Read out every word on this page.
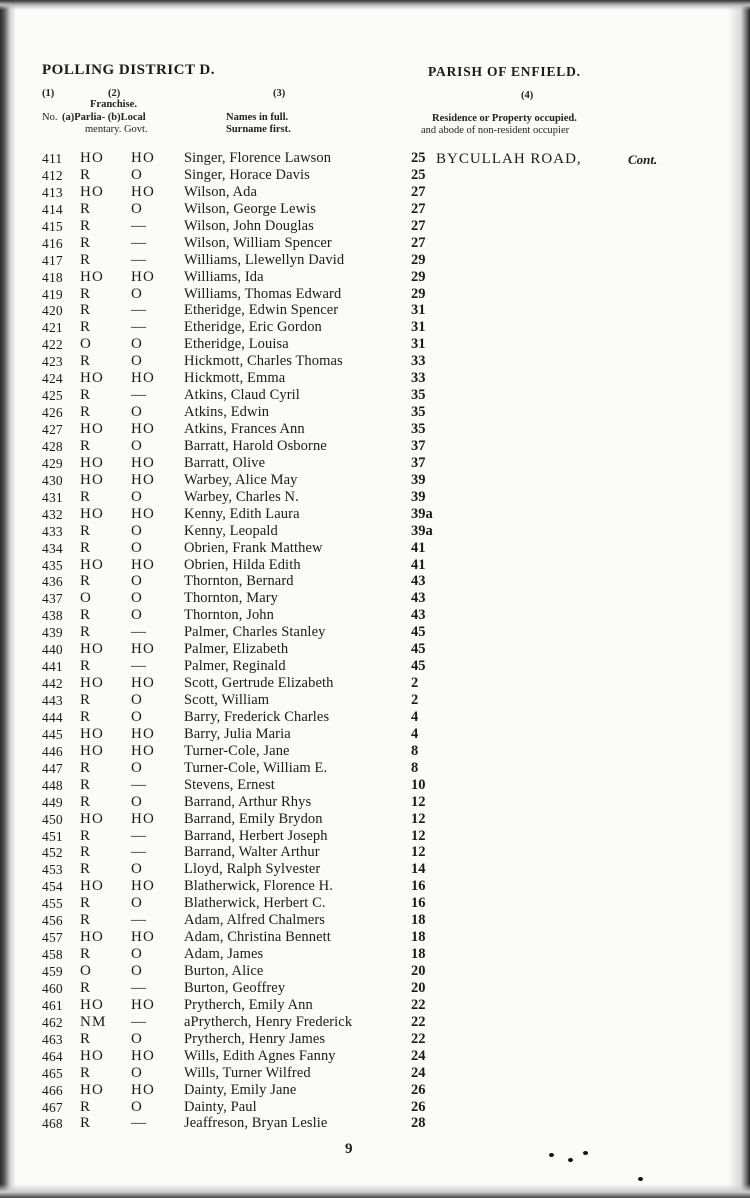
POLLING DISTRICT D.	PARISH OF ENFIELD.
(1)	(2)	(3)	(4)
Franchise.
No. (a)Parlia- (b)Local
mentary. Govt.
Names in full.
Surname first.
Residence or Property occupied.
and abode of non-resident occupier
BYCULLAH ROAD,	Cont.
411 HO HO Singer, Florence Lawson	25
412 R	O	Singer, Horace Davis	25
413 HO HO Wilson, Ada	27
414 R	O	Wilson, George Lewis	27
415 R	—	Wilson, John Douglas	27
416 R	—	Wilson, William Spencer	27
417 R	—	Williams, Llewellyn David	29
418 HO HO Williams, Ida	29
419 R	O	Williams, Thomas Edward	29
420 R	—	Etheridge, Edwin Spencer	31
421 R	—	Etheridge, Eric Gordon	31
422 O	O	Etheridge, Louisa	31
423 R	O	Hickmott, Charles Thomas	33
424 HO HO Hickmott, Emma	33
425 R	—	Atkins, Claud Cyril	35
426 R	O	Atkins, Edwin	35
427 HO HO Atkins, Frances Ann	35
428 R	O	Barratt, Harold Osborne	37
429 HO HO Barratt, Olive	37
430 HO HO Warbey, Alice May	39
431 R	O	Warbey, Charles N.	39
432 HO HO Kenny, Edith Laura	39a
433 R	O	Kenny, Leopald	39a
434 R	O	Obrien, Frank Matthew	41
435 HO HO Obrien, Hilda Edith	41
436 R	O	Thornton, Bernard	43
437 O	O	Thornton, Mary	43
438 R	O	Thornton, John	43
439 R	—	Palmer, Charles Stanley	45
440 HO HO Palmer, Elizabeth	45
441 R	—	Palmer, Reginald	45
442 HO HO Scott, Gertrude Elizabeth	2
443 R	O	Scott, William	2
444 R	O	Barry, Frederick Charles	4
445 HO HO Barry, Julia Maria	4
446 HO HO Turner-Cole, Jane	8
447 R	O	Turner-Cole, William E.	8
448 R	—	Stevens, Ernest	10
449 R	O	Barrand, Arthur Rhys	12
450 HO HO Barrand, Emily Brydon	12
451 R	—	Barrand, Herbert Joseph	12
452 R	—	Barrand, Walter Arthur	12
453 R	O	Lloyd, Ralph Sylvester	14
454 HO HO Blatherwick, Florence H.	16
455 R	O	Blatherwick, Herbert C.	16
456 R	—	Adam, Alfred Chalmers	18
457 HO HO Adam, Christina Bennett	18
458 R	O	Adam, James	18
459 O	O	Burton, Alice	20
460 R	—	Burton, Geoffrey	20
461 HO HO Prytherch, Emily Ann	22
462 NM —	aPrytherch, Henry Frederick	22
463 R	O	Prytherch, Henry James	22
464 HO HO Wills, Edith Agnes Fanny	24
465 R	O	Wills, Turner Wilfred	24
466 HO HO Dainty, Emily Jane	26
467 R	O	Dainty, Paul	26
468 R	—	Jeaffreson, Bryan Leslie	28
9
